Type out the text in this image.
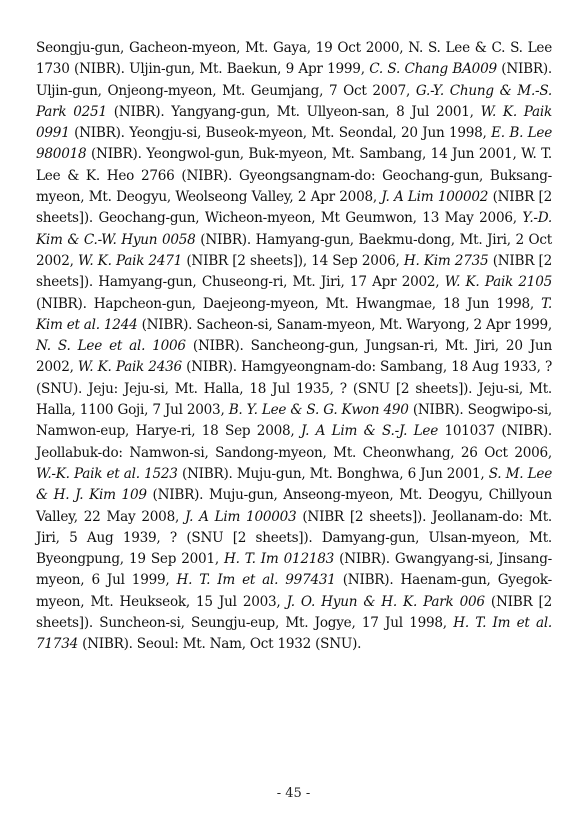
Seongju-gun, Gacheon-myeon, Mt. Gaya, 19 Oct 2000, N. S. Lee & C. S. Lee 1730 (NIBR). Uljin-gun, Mt. Baekun, 9 Apr 1999, C. S. Chang BA009 (NIBR). Uljin-gun, Onjeong-myeon, Mt. Geumjang, 7 Oct 2007, G.-Y. Chung & M.-S. Park 0251 (NIBR). Yangyang-gun, Mt. Ullyeon-san, 8 Jul 2001, W. K. Paik 0991 (NIBR). Yeongju-si, Buseok-myeon, Mt. Seondal, 20 Jun 1998, E. B. Lee 980018 (NIBR). Yeongwol-gun, Buk-myeon, Mt. Sambang, 14 Jun 2001, W. T. Lee & K. Heo 2766 (NIBR). Gyeongsangnam-do: Geochang-gun, Buksang-myeon, Mt. Deogyu, Weolseong Valley, 2 Apr 2008, J. A Lim 100002 (NIBR [2 sheets]). Geochang-gun, Wicheon-myeon, Mt Geumwon, 13 May 2006, Y.-D. Kim & C.-W. Hyun 0058 (NIBR). Hamyang-gun, Baekmu-dong, Mt. Jiri, 2 Oct 2002, W. K. Paik 2471 (NIBR [2 sheets]), 14 Sep 2006, H. Kim 2735 (NIBR [2 sheets]). Hamyang-gun, Chuseong-ri, Mt. Jiri, 17 Apr 2002, W. K. Paik 2105 (NIBR). Hapcheon-gun, Daejeong-myeon, Mt. Hwangmae, 18 Jun 1998, T. Kim et al. 1244 (NIBR). Sacheon-si, Sanam-myeon, Mt. Waryong, 2 Apr 1999, N. S. Lee et al. 1006 (NIBR). Sancheong-gun, Jungsan-ri, Mt. Jiri, 20 Jun 2002, W. K. Paik 2436 (NIBR). Hamgyeongnam-do: Sambang, 18 Aug 1933, ? (SNU). Jeju: Jeju-si, Mt. Halla, 18 Jul 1935, ? (SNU [2 sheets]). Jeju-si, Mt. Halla, 1100 Goji, 7 Jul 2003, B. Y. Lee & S. G. Kwon 490 (NIBR). Seogwipo-si, Namwon-eup, Harye-ri, 18 Sep 2008, J. A Lim & S.-J. Lee 101037 (NIBR). Jeollabuk-do: Namwon-si, Sandong-myeon, Mt. Cheonwhang, 26 Oct 2006, W.-K. Paik et al. 1523 (NIBR). Muju-gun, Mt. Bonghwa, 6 Jun 2001, S. M. Lee & H. J. Kim 109 (NIBR). Muju-gun, Anseong-myeon, Mt. Deogyu, Chillyoun Valley, 22 May 2008, J. A Lim 100003 (NIBR [2 sheets]). Jeollanam-do: Mt. Jiri, 5 Aug 1939, ? (SNU [2 sheets]). Damyang-gun, Ulsan-myeon, Mt. Byeongpung, 19 Sep 2001, H. T. Im 012183 (NIBR). Gwangyang-si, Jinsang-myeon, 6 Jul 1999, H. T. Im et al. 997431 (NIBR). Haenam-gun, Gyegok-myeon, Mt. Heukseok, 15 Jul 2003, J. O. Hyun & H. K. Park 006 (NIBR [2 sheets]). Suncheon-si, Seungju-eup, Mt. Jogye, 17 Jul 1998, H. T. Im et al. 71734 (NIBR). Seoul: Mt. Nam, Oct 1932 (SNU).

- 45 -
